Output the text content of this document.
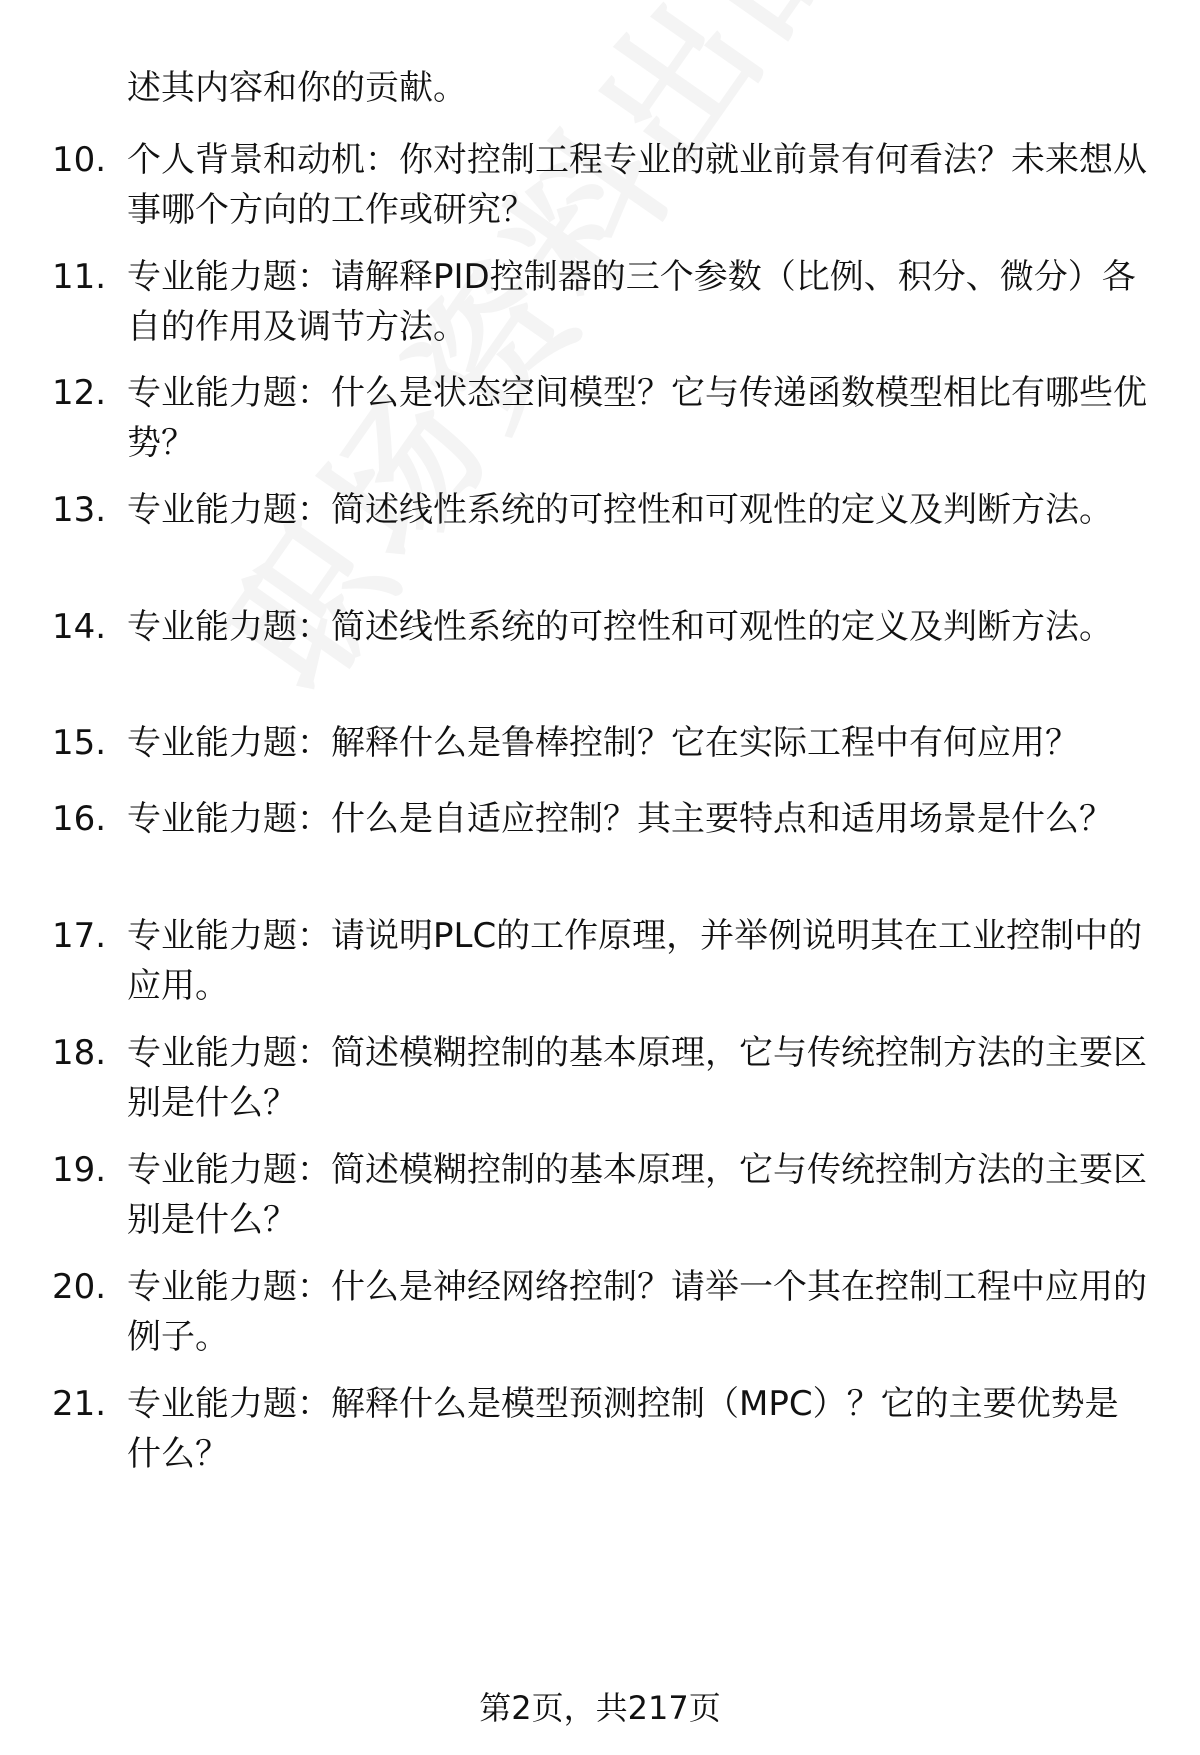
述其内容和你的贡献。
10. 个人背景和动机：你对控制工程专业的就业前景有何看法？未来想从事哪个方向的工作或研究？
11. 专业能力题：请解释PID控制器的三个参数（比例、积分、微分）各自的作用及调节方法。
12. 专业能力题：什么是状态空间模型？它与传递函数模型相比有哪些优势？
13. 专业能力题：简述线性系统的可控性和可观性的定义及判断方法。
14. 专业能力题：简述线性系统的可控性和可观性的定义及判断方法。
15. 专业能力题：解释什么是鲁棒控制？它在实际工程中有何应用？
16. 专业能力题：什么是自适应控制？其主要特点和适用场景是什么？
17. 专业能力题：请说明PLC的工作原理，并举例说明其在工业控制中的应用。
18. 专业能力题：简述模糊控制的基本原理，它与传统控制方法的主要区别是什么？
19. 专业能力题：简述模糊控制的基本原理，它与传统控制方法的主要区别是什么？
20. 专业能力题：什么是神经网络控制？请举一个其在控制工程中应用的例子。
21. 专业能力题：解释什么是模型预测控制（MPC）？它的主要优势是什么？
第2页，共217页
